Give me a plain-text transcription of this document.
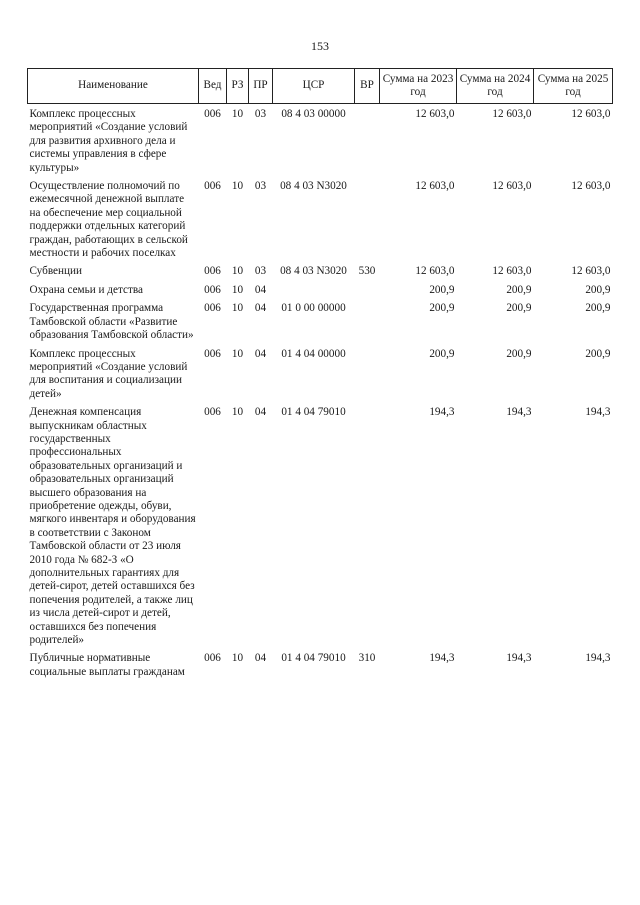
153
Наименование	Вед	РЗ	ПР	ЦСР	ВР	Сумма на 2023 год	Сумма на 2024 год	Сумма на 2025 год
Комплекс процессных мероприятий «Создание условий для развития архивного дела и системы управления в сфере культуры»	006	10	03	08 4 03 00000		12 603,0	12 603,0	12 603,0
Осуществление полномочий по ежемесячной денежной выплате на обеспечение мер социальной поддержки отдельных категорий граждан, работающих в сельской местности и рабочих поселках	006	10	03	08 4 03 N3020		12 603,0	12 603,0	12 603,0
Субвенции	006	10	03	08 4 03 N3020	530	12 603,0	12 603,0	12 603,0
Охрана семьи и детства	006	10	04			200,9	200,9	200,9
Государственная программа Тамбовской области «Развитие образования Тамбовской области»	006	10	04	01 0 00 00000		200,9	200,9	200,9
Комплекс процессных мероприятий «Создание условий для воспитания и социализации детей»	006	10	04	01 4 04 00000		200,9	200,9	200,9
Денежная компенсация выпускникам областных государственных профессиональных образовательных организаций и образовательных организаций высшего образования на приобретение одежды, обуви, мягкого инвентаря и оборудования в соответствии с Законом Тамбовской области от 23 июля 2010 года № 682-З «О дополнительных гарантиях для детей-сирот, детей оставшихся без попечения родителей, а также лиц из числа детей-сирот и детей, оставшихся без попечения родителей»	006	10	04	01 4 04 79010		194,3	194,3	194,3
Публичные нормативные социальные выплаты гражданам	006	10	04	01 4 04 79010	310	194,3	194,3	194,3
